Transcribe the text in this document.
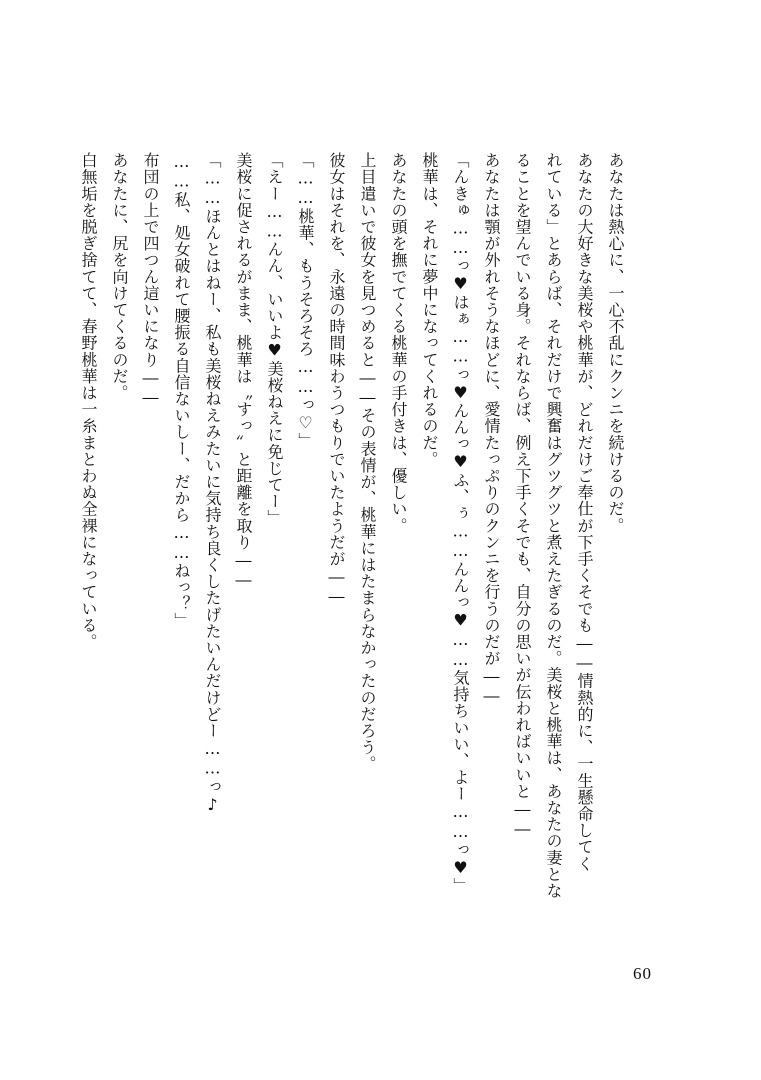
あなたは熱心に、一心不乱にクンニを続けるのだ。
あなたの大好きな美桜や桃華が、どれだけご奉仕が下手くそでも――情熱的に、一生懸命してく
れている」とあらば、それだけで興奮はグツグツと煮えたぎるのだ。美桜と桃華は、あなたの妻とな
ることを望んでいる身。それならば、例え下手くそでも、自分の思いが伝わればいいと――
あなたは顎が外れそうなほどに、愛情たっぷりのクンニを行うのだが――
「んきゅ……っ♥はぁ……っ♥んんっ♥ふ、ぅ……んんっ♥……気持ちいい、よー……っ♥」
桃華は、それに夢中になってくれるのだ。
あなたの頭を撫でてくる桃華の手付きは、優しい。
上目遣いで彼女を見つめると――その表情が、桃華にはたまらなかったのだろう。
彼女はそれを、永遠の時間味わうつもりでいたようだが――
「……桃華、もうそろそろ……っ♡」
「えー……んん、いいよ♥美桜ねえに免じてー」
美桜に促されるがまま、桃華は〝すっ〟と距離を取り――
「……ほんとはねー、私も美桜ねえみたいに気持ち良くしたげたいんだけどー……っ♪
……私、処女破れて腰振る自信ないしー、だから……ねっ？」
布団の上で四つん這いになり――
あなたに、尻を向けてくるのだ。
白無垢を脱ぎ捨てて、春野桃華は一糸まとわぬ全裸になっている。
60
